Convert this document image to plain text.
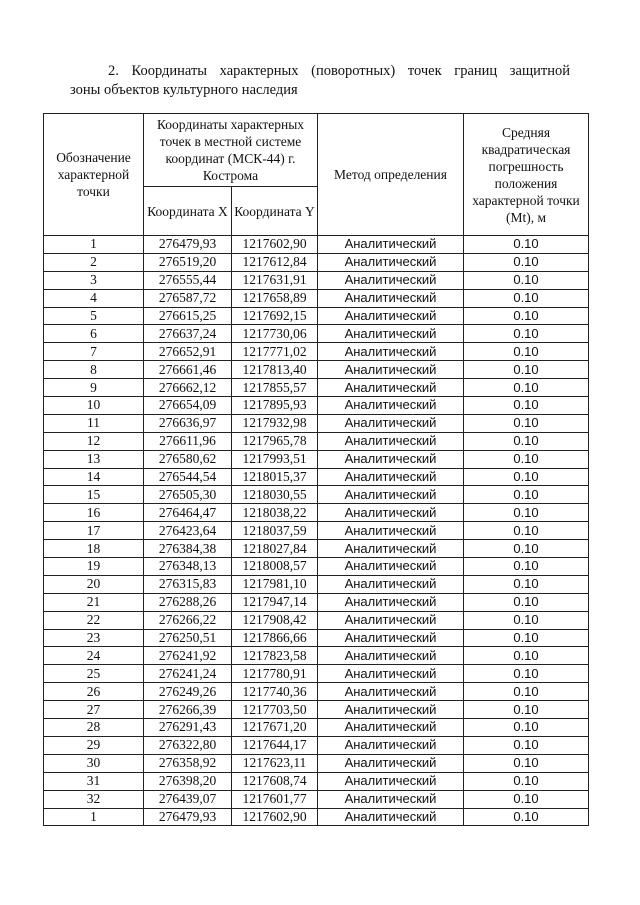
2. Координаты характерных (поворотных) точек границ защитной
зоны объектов культурного наследия

Обозначение характерной точки	Координаты характерных точек в местной системе координат (МСК-44) г. Кострома		Метод определения	Средняя квадратическая погрешность положения характерной точки (Mt), м
	Координата X	Координата Y		
1	276479,93	1217602,90	Аналитический	0.10
2	276519,20	1217612,84	Аналитический	0.10
3	276555,44	1217631,91	Аналитический	0.10
4	276587,72	1217658,89	Аналитический	0.10
5	276615,25	1217692,15	Аналитический	0.10
6	276637,24	1217730,06	Аналитический	0.10
7	276652,91	1217771,02	Аналитический	0.10
8	276661,46	1217813,40	Аналитический	0.10
9	276662,12	1217855,57	Аналитический	0.10
10	276654,09	1217895,93	Аналитический	0.10
11	276636,97	1217932,98	Аналитический	0.10
12	276611,96	1217965,78	Аналитический	0.10
13	276580,62	1217993,51	Аналитический	0.10
14	276544,54	1218015,37	Аналитический	0.10
15	276505,30	1218030,55	Аналитический	0.10
16	276464,47	1218038,22	Аналитический	0.10
17	276423,64	1218037,59	Аналитический	0.10
18	276384,38	1218027,84	Аналитический	0.10
19	276348,13	1218008,57	Аналитический	0.10
20	276315,83	1217981,10	Аналитический	0.10
21	276288,26	1217947,14	Аналитический	0.10
22	276266,22	1217908,42	Аналитический	0.10
23	276250,51	1217866,66	Аналитический	0.10
24	276241,92	1217823,58	Аналитический	0.10
25	276241,24	1217780,91	Аналитический	0.10
26	276249,26	1217740,36	Аналитический	0.10
27	276266,39	1217703,50	Аналитический	0.10
28	276291,43	1217671,20	Аналитический	0.10
29	276322,80	1217644,17	Аналитический	0.10
30	276358,92	1217623,11	Аналитический	0.10
31	276398,20	1217608,74	Аналитический	0.10
32	276439,07	1217601,77	Аналитический	0.10
1	276479,93	1217602,90	Аналитический	0.10
